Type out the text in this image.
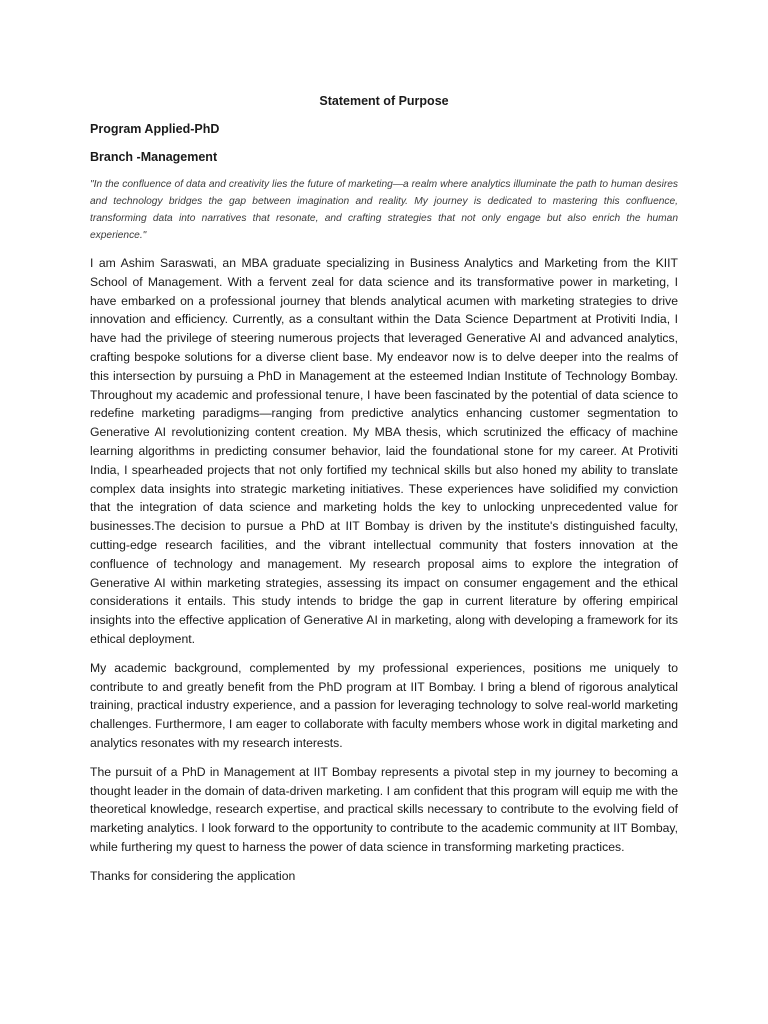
Statement of Purpose
Program Applied-PhD
Branch -Management

"In the confluence of data and creativity lies the future of marketing—a realm where analytics illuminate the path to human desires and technology bridges the gap between imagination and reality. My journey is dedicated to mastering this confluence, transforming data into narratives that resonate, and crafting strategies that not only engage but also enrich the human experience."

I am Ashim Saraswati, an MBA graduate specializing in Business Analytics and Marketing from the KIIT School of Management. With a fervent zeal for data science and its transformative power in marketing, I have embarked on a professional journey that blends analytical acumen with marketing strategies to drive innovation and efficiency. Currently, as a consultant within the Data Science Department at Protiviti India, I have had the privilege of steering numerous projects that leveraged Generative AI and advanced analytics, crafting bespoke solutions for a diverse client base. My endeavor now is to delve deeper into the realms of this intersection by pursuing a PhD in Management at the esteemed Indian Institute of Technology Bombay. Throughout my academic and professional tenure, I have been fascinated by the potential of data science to redefine marketing paradigms—ranging from predictive analytics enhancing customer segmentation to Generative AI revolutionizing content creation. My MBA thesis, which scrutinized the efficacy of machine learning algorithms in predicting consumer behavior, laid the foundational stone for my career. At Protiviti India, I spearheaded projects that not only fortified my technical skills but also honed my ability to translate complex data insights into strategic marketing initiatives. These experiences have solidified my conviction that the integration of data science and marketing holds the key to unlocking unprecedented value for businesses.The decision to pursue a PhD at IIT Bombay is driven by the institute's distinguished faculty, cutting-edge research facilities, and the vibrant intellectual community that fosters innovation at the confluence of technology and management. My research proposal aims to explore the integration of Generative AI within marketing strategies, assessing its impact on consumer engagement and the ethical considerations it entails. This study intends to bridge the gap in current literature by offering empirical insights into the effective application of Generative AI in marketing, along with developing a framework for its ethical deployment.

My academic background, complemented by my professional experiences, positions me uniquely to contribute to and greatly benefit from the PhD program at IIT Bombay. I bring a blend of rigorous analytical training, practical industry experience, and a passion for leveraging technology to solve real-world marketing challenges. Furthermore, I am eager to collaborate with faculty members whose work in digital marketing and analytics resonates with my research interests.

The pursuit of a PhD in Management at IIT Bombay represents a pivotal step in my journey to becoming a thought leader in the domain of data-driven marketing. I am confident that this program will equip me with the theoretical knowledge, research expertise, and practical skills necessary to contribute to the evolving field of marketing analytics. I look forward to the opportunity to contribute to the academic community at IIT Bombay, while furthering my quest to harness the power of data science in transforming marketing practices.

Thanks for considering the application
